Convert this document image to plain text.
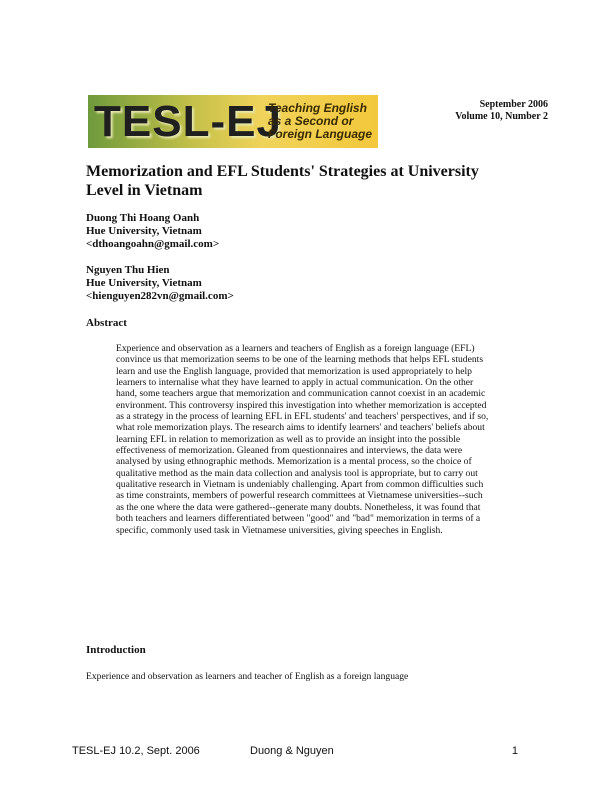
TESL-EJ
Teaching English
as a Second or
Foreign Language
September 2006
Volume 10, Number 2
Memorization and EFL Students' Strategies at University Level in Vietnam
Duong Thi Hoang Oanh
Hue University, Vietnam
<dthoangoahn@gmail.com>
Nguyen Thu Hien
Hue University, Vietnam
<hienguyen282vn@gmail.com>
Abstract

Experience and observation as a learners and teachers of English as a foreign language (EFL) convince us that memorization seems to be one of the learning methods that helps EFL students learn and use the English language, provided that memorization is used appropriately to help learners to internalise what they have learned to apply in actual communication. On the other hand, some teachers argue that memorization and communication cannot coexist in an academic environment. This controversy inspired this investigation into whether memorization is accepted as a strategy in the process of learning EFL in EFL students' and teachers' perspectives, and if so, what role memorization plays. The research aims to identify learners' and teachers' beliefs about learning EFL in relation to memorization as well as to provide an insight into the possible effectiveness of memorization. Gleaned from questionnaires and interviews, the data were analysed by using ethnographic methods. Memorization is a mental process, so the choice of qualitative method as the main data collection and analysis tool is appropriate, but to carry out qualitative research in Vietnam is undeniably challenging. Apart from common difficulties such as time constraints, members of powerful research committees at Vietnamese universities--such as the one where the data were gathered--generate many doubts. Nonetheless, it was found that both teachers and learners differentiated between "good" and "bad" memorization in terms of a specific, commonly used task in Vietnamese universities, giving speeches in English.

Introduction

Experience and observation as learners and teacher of English as a foreign language

TESL-EJ 10.2, Sept. 2006	Duong & Nguyen	1
